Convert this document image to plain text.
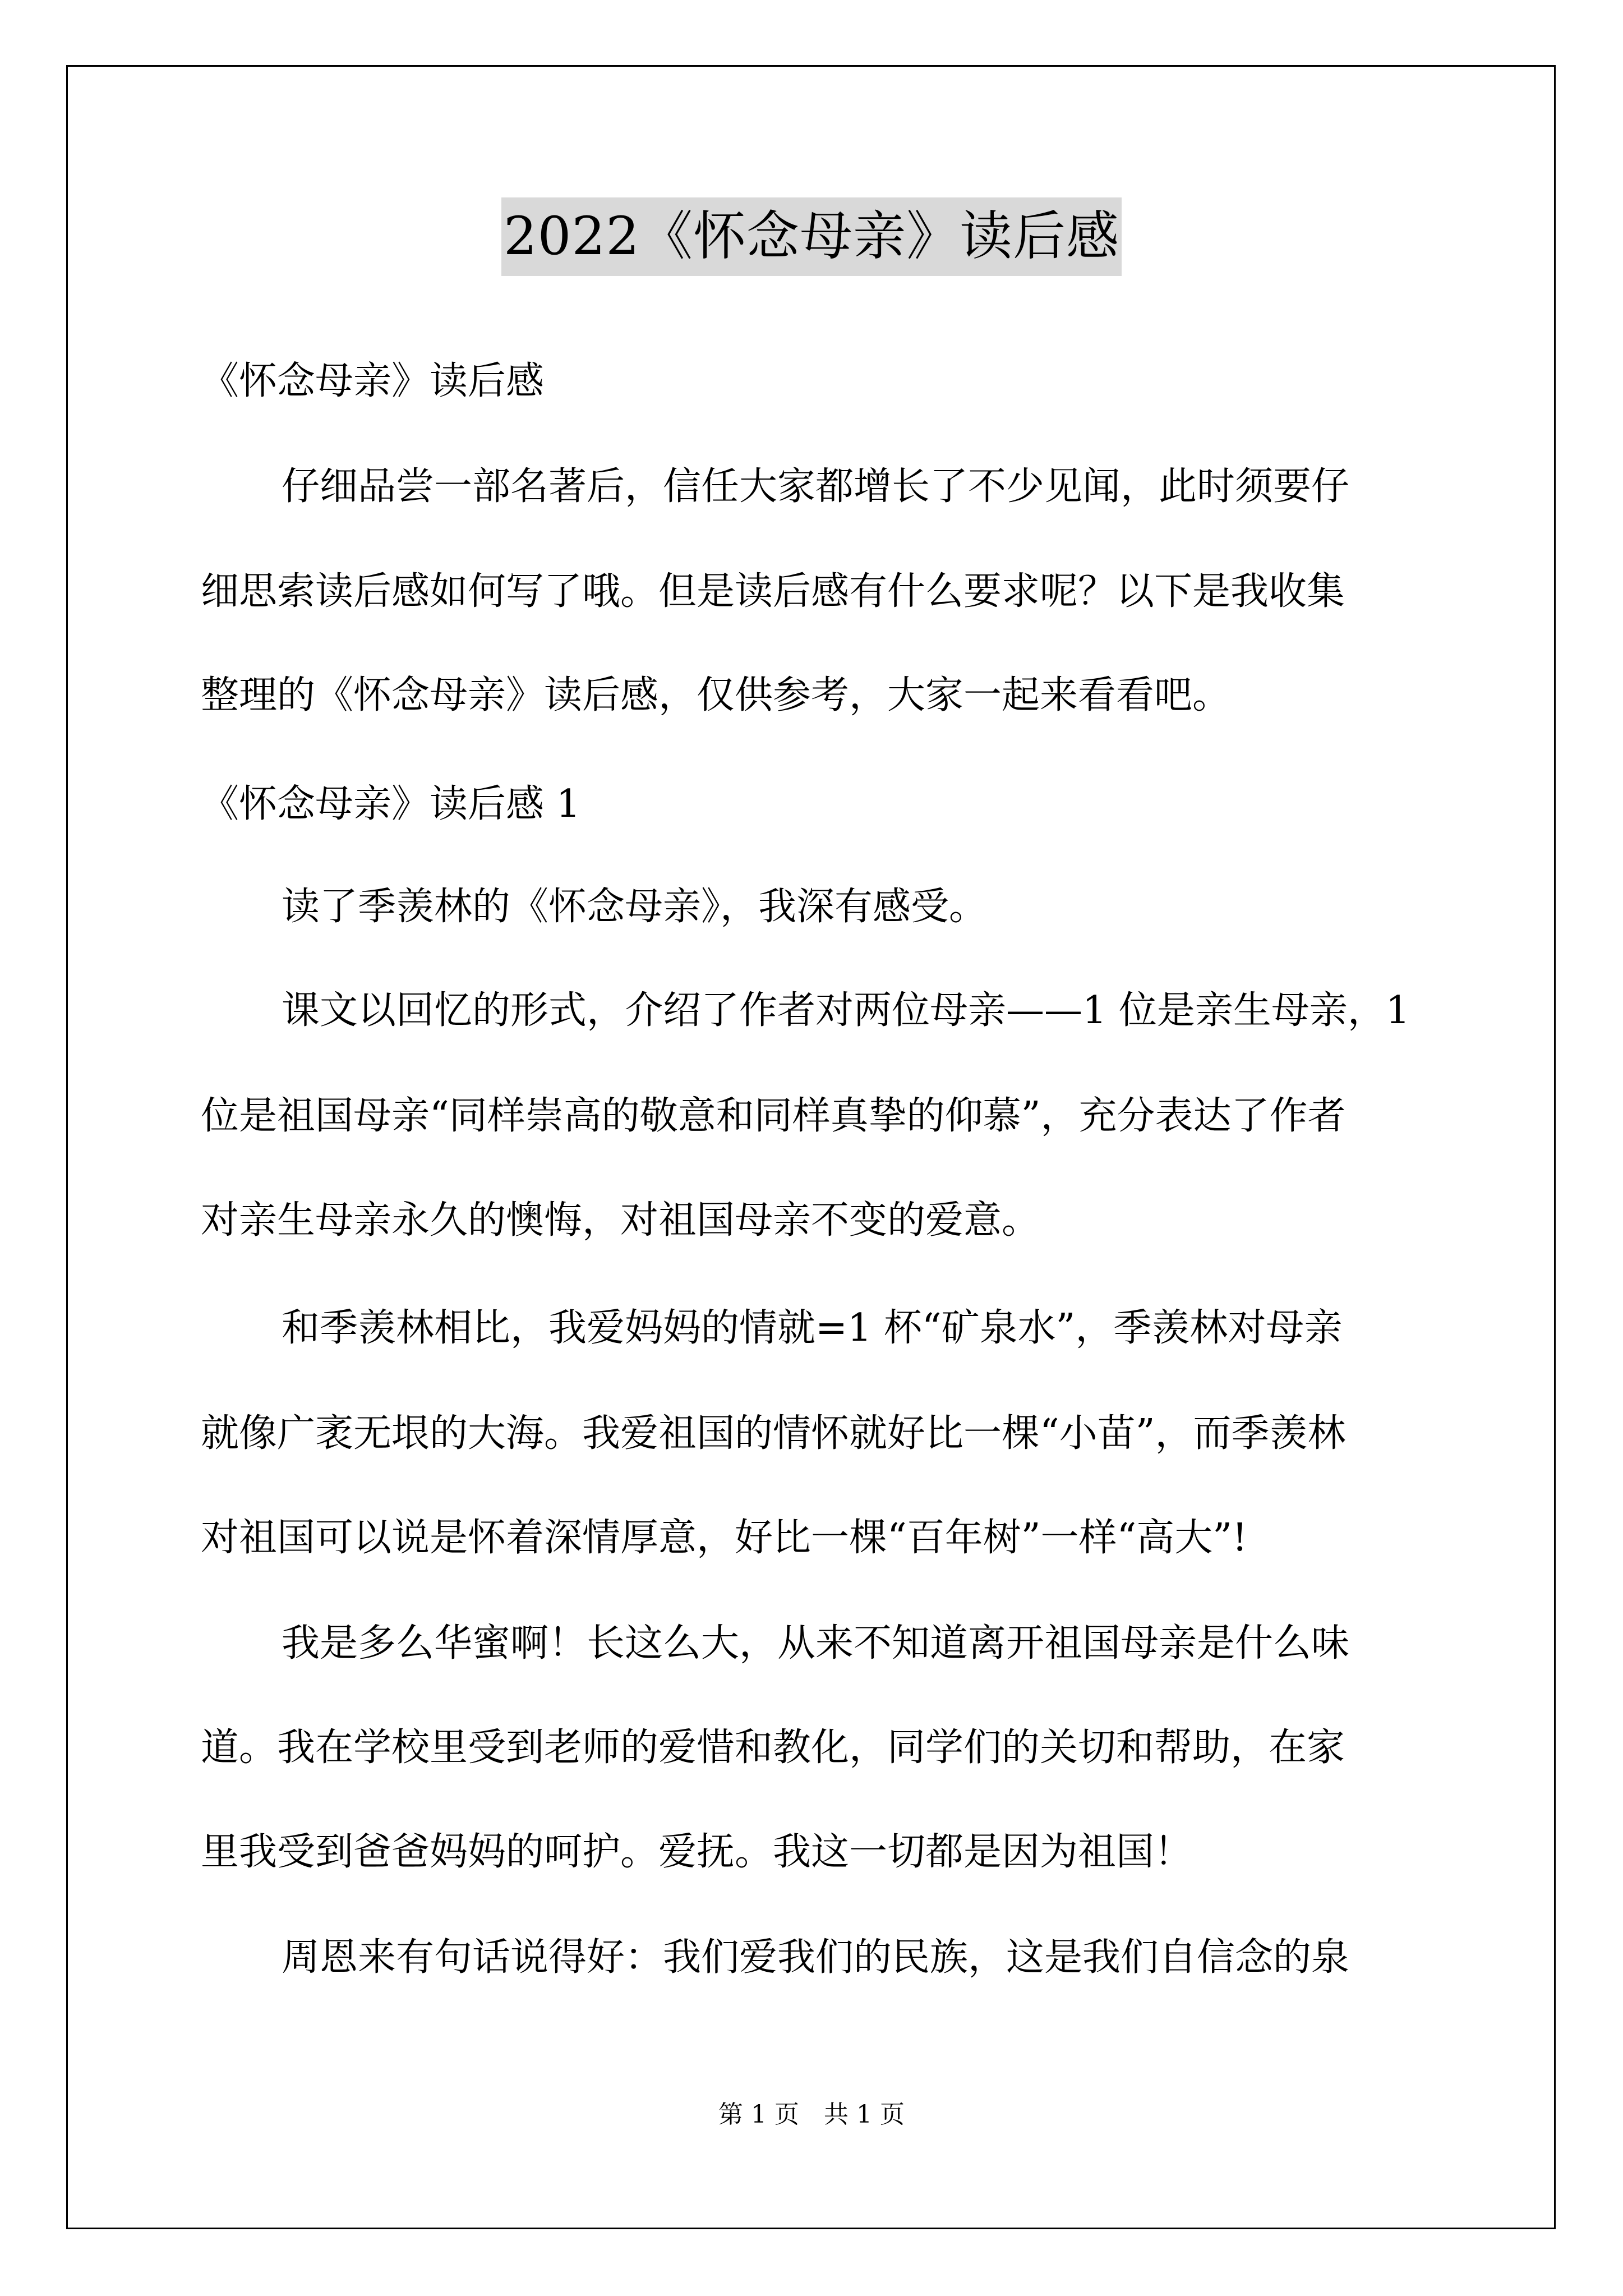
2022《怀念母亲》读后感
《怀念母亲》读后感
仔细品尝一部名著后，信任大家都增长了不少见闻，此时须要仔
细思索读后感如何写了哦。但是读后感有什么要求呢？以下是我收集
整理的《怀念母亲》读后感，仅供参考，大家一起来看看吧。
《怀念母亲》读后感 1
读了季羡林的《怀念母亲》，我深有感受。
课文以回忆的形式，介绍了作者对两位母亲——1 位是亲生母亲，1
位是祖国母亲“同样崇高的敬意和同样真挚的仰慕”，充分表达了作者
对亲生母亲永久的懊悔，对祖国母亲不变的爱意。
和季羡林相比，我爱妈妈的情就=1 杯“矿泉水”，季羡林对母亲
就像广袤无垠的大海。我爱祖国的情怀就好比一棵“小苗”，而季羡林
对祖国可以说是怀着深情厚意，好比一棵“百年树”一样“高大”!
我是多么华蜜啊！长这么大，从来不知道离开祖国母亲是什么味
道。我在学校里受到老师的爱惜和教化，同学们的关切和帮助，在家
里我受到爸爸妈妈的呵护。爱抚。我这一切都是因为祖国！
周恩来有句话说得好：我们爱我们的民族，这是我们自信念的泉
第 1 页　共 1 页
